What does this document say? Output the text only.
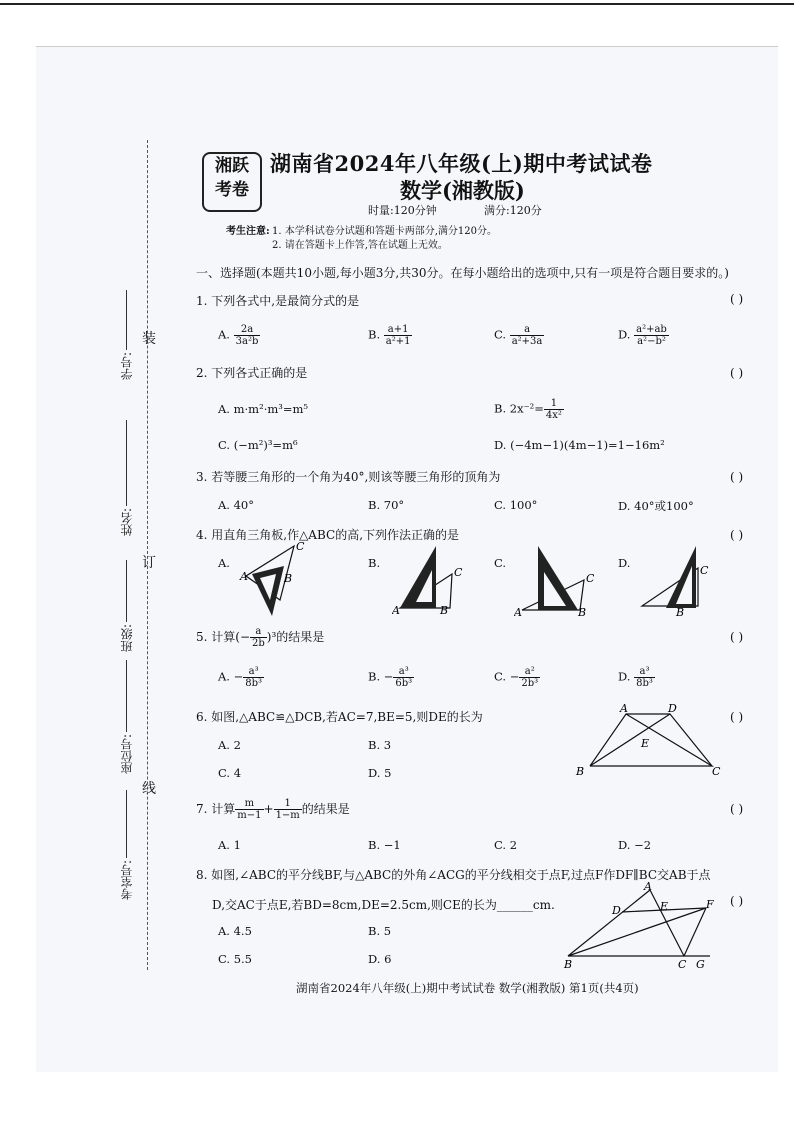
湘跃
考卷
湖南省2024年八年级(上)期中考试试卷
数学(湘教版)
时量:120分钟	满分:120分
考生注意: 1. 本学科试卷分试题和答题卡两部分,满分120分。
2. 请在答题卡上作答,答在试题上无效。
学号:
姓名:
班级:
座位号:
考室号:
装
订
线
一、选择题(本题共10小题,每小题3分,共30分。在每小题给出的选项中,只有一项是符合题目要求的。)
1. 下列各式中,是最简分式的是	( )
A. $\frac{2a}{\text{3a²b}}$	B. $\frac{a+1}{\text{a²+1}}$	C. $\frac{a}{\text{a²+3a}}$	D. $\frac{\text{a²+ab}}{\text{a²−b²}}$
2. 下列各式正确的是	( )
A. m·m²·m³=m⁵	B. $2x^{-2}= \frac{1}{\text{4x²}}$
C. (−m²)³=m⁶	D. (−4m−1)(4m−1)=1−16m²
3. 若等腰三角形的一个角为40°,则该等腰三角形的顶角为	( )
A. 40°	B. 70°	C. 100°	D. 40°或100°
4. 用直角三角板,作△ABC的高,下列作法正确的是	( )
A.	B.	C.	D.
A
C
B
A	B
C
A	B
C
B
C
5. 计算(− $\frac{a}{2b} )^3$的结果是	( )
A. − $\frac{\text{a³}}{\text{8b³}}$	B. − $\frac{\text{a³}}{\text{6b³}}$	C. − $\frac{\text{a²}}{\text{2b³}}$	D. $\frac{\text{a³}}{\text{8b³}}$
6. 如图,△ABC≌△DCB,若AC=7,BE=5,则DE的长为	( )
A. 2	B. 3
C. 4	D. 5
A	D
E
B	C
7. 计算 $\frac{m}{m-1} + \frac{1}{1-m}$ 的结果是	( )
A. 1	B. −1	C. 2	D. −2
8. 如图,∠ABC的平分线BF,与△ABC的外角∠ACG的平分线相交于点F,过点F作DF∥BC交AB于点
D,交AC于点E,若BD=8cm,DE=2.5cm,则CE的长为______cm.	( )
A. 4.5	B. 5
C. 5.5	D. 6
A
D	E	F
B	C G
湖南省2024年八年级(上)期中考试试卷 数学(湘教版) 第1页(共4页)
